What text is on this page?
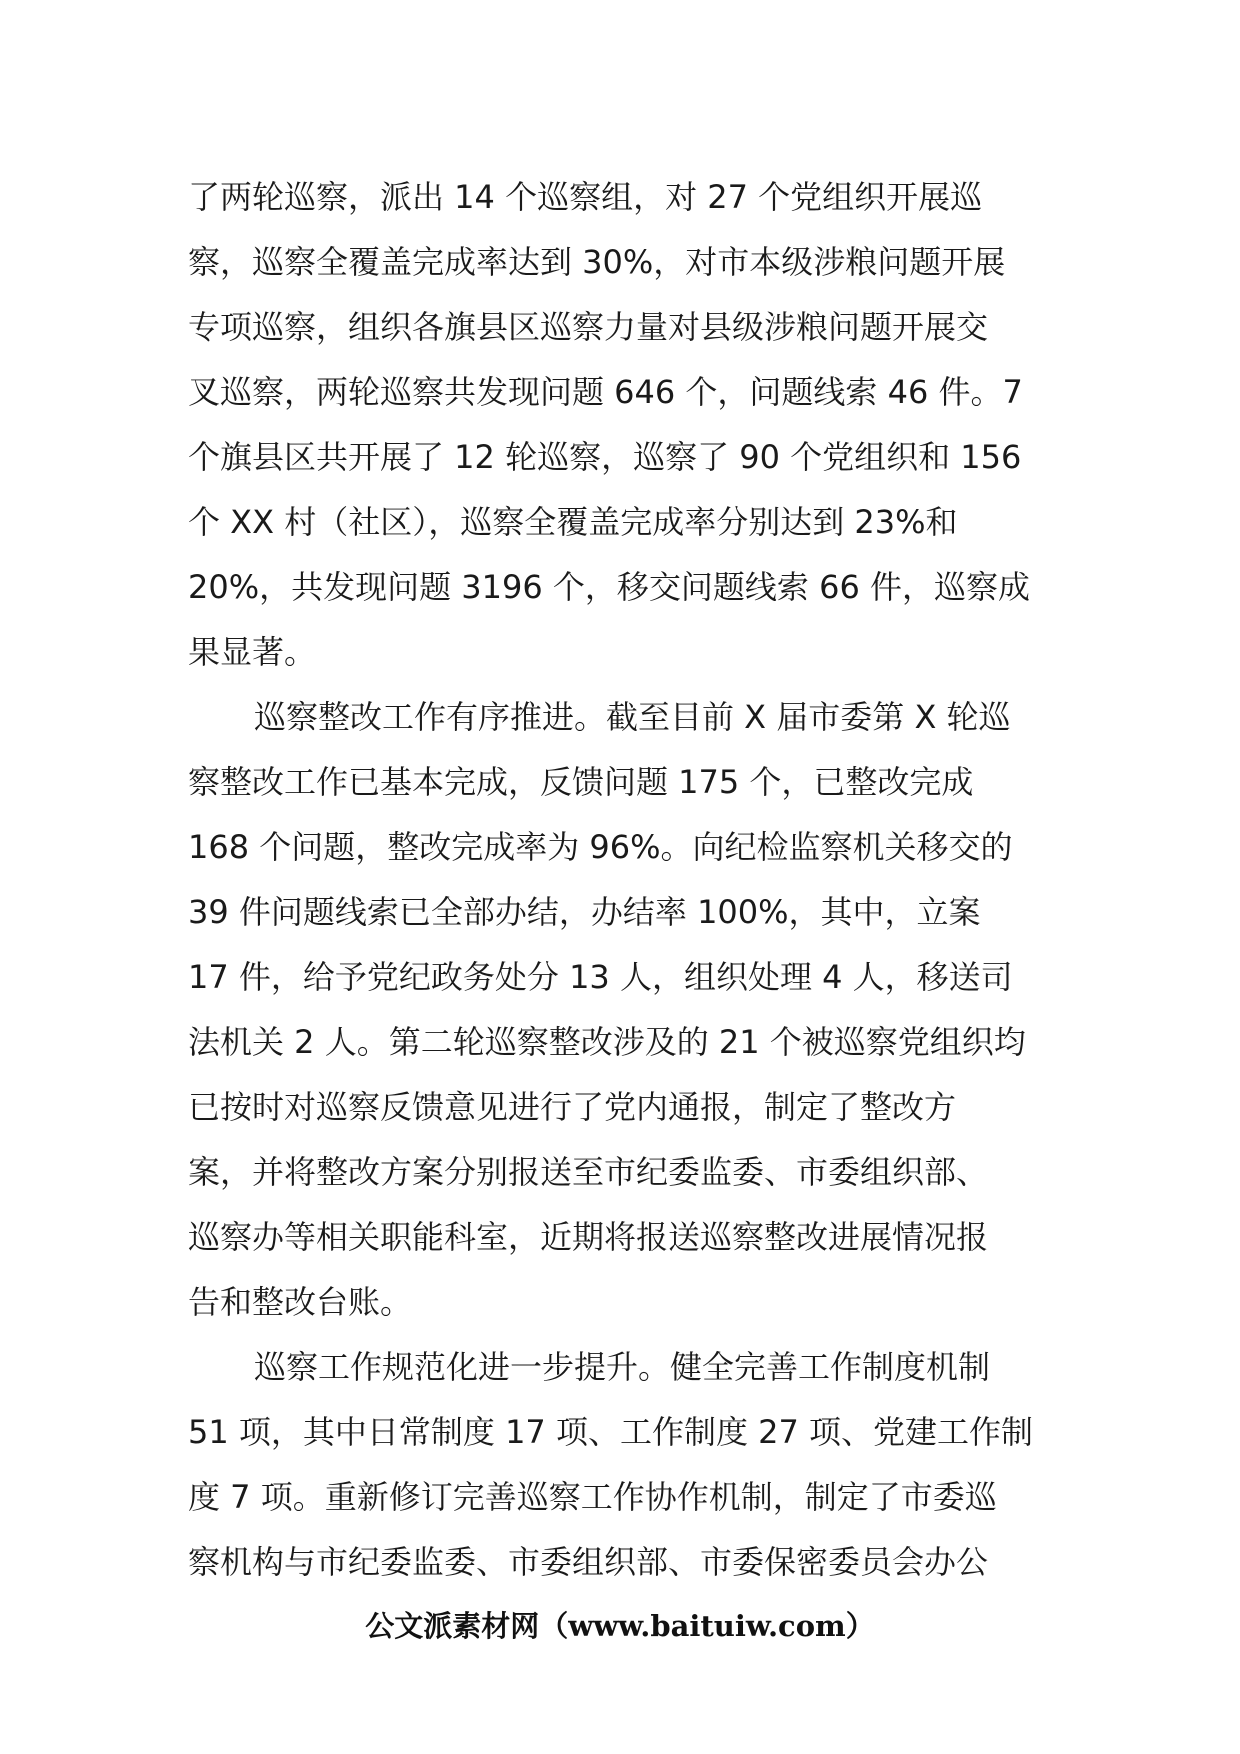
了两轮巡察，派出 14 个巡察组，对 27 个党组织开展巡
察，巡察全覆盖完成率达到 30%，对市本级涉粮问题开展
专项巡察，组织各旗县区巡察力量对县级涉粮问题开展交
叉巡察，两轮巡察共发现问题 646 个，问题线索 46 件。7
个旗县区共开展了 12 轮巡察，巡察了 90 个党组织和 156
个 XX 村（社区），巡察全覆盖完成率分别达到 23%和
20%，共发现问题 3196 个，移交问题线索 66 件，巡察成
果显著。
巡察整改工作有序推进。截至目前 X 届市委第 X 轮巡
察整改工作已基本完成，反馈问题 175 个，已整改完成
168 个问题，整改完成率为 96%。向纪检监察机关移交的
39 件问题线索已全部办结，办结率 100%，其中，立案
17 件，给予党纪政务处分 13 人，组织处理 4 人，移送司
法机关 2 人。第二轮巡察整改涉及的 21 个被巡察党组织均
已按时对巡察反馈意见进行了党内通报，制定了整改方
案，并将整改方案分别报送至市纪委监委、市委组织部、
巡察办等相关职能科室，近期将报送巡察整改进展情况报
告和整改台账。
巡察工作规范化进一步提升。健全完善工作制度机制
51 项，其中日常制度 17 项、工作制度 27 项、党建工作制
度 7 项。重新修订完善巡察工作协作机制，制定了市委巡
察机构与市纪委监委、市委组织部、市委保密委员会办公
公文派素材网（www.baituiw.com）
